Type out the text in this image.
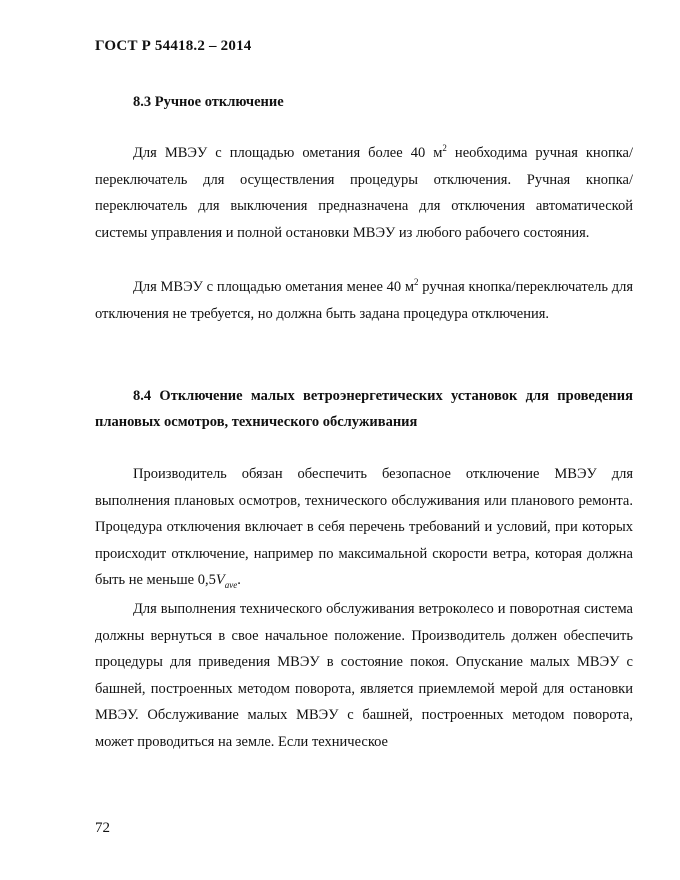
ГОСТ Р 54418.2 – 2014
8.3 Ручное отключение

Для МВЭУ с площадью ометания более 40 $м^2$ необходима ручная кнопка/переключатель для осуществления процедуры отключения. Ручная кнопка/переключатель для выключения предназначена для отключения автоматической системы управления и полной остановки МВЭУ из любого рабочего состояния.

Для МВЭУ с площадью ометания менее 40 $м^2$ ручная кнопка/переключатель для отключения не требуется, но должна быть задана процедура отключения.

8.4 Отключение малых ветроэнергетических установок для проведения плановых осмотров, технического обслуживания

Производитель обязан обеспечить безопасное отключение МВЭУ для выполнения плановых осмотров, технического обслуживания или планового ремонта. Процедура отключения включает в себя перечень требований и условий, при которых происходит отключение, например по максимальной скорости ветра, которая должна быть не меньше $0,5V_{ave}$.

Для выполнения технического обслуживания ветроколесо и поворотная система должны вернуться в свое начальное положение. Производитель должен обеспечить процедуры для приведения МВЭУ в состояние покоя. Опускание малых МВЭУ с башней, построенных методом поворота, является приемлемой мерой для остановки МВЭУ. Обслуживание малых МВЭУ с башней, построенных методом поворота, может проводиться на земле. Если техническое

72
